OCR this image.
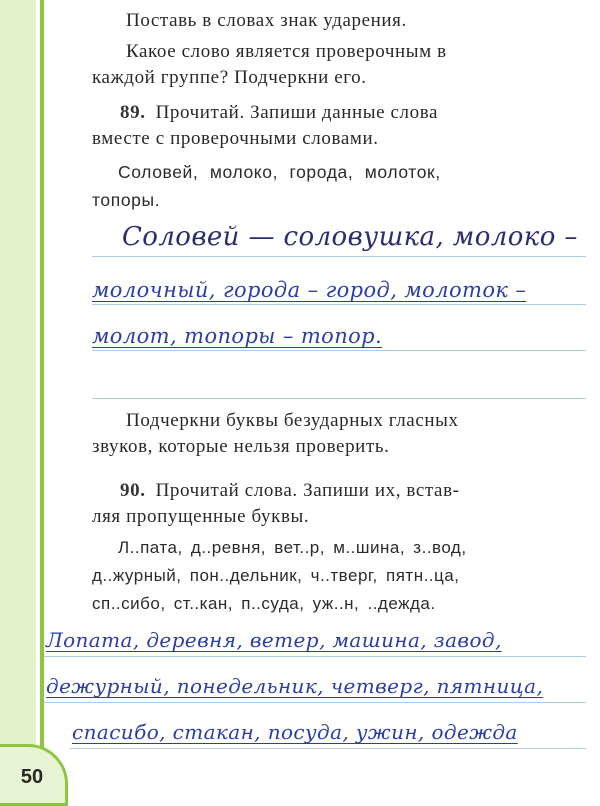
Поставь в словах знак ударения.
Какое слово является проверочным в
каждой группе? Подчеркни его.
89. Прочитай. Запиши данные слова
вместе с проверочными словами.
Соловей, молоко, города, молоток,
топоры.
Соловей — соловушка, молоко –
молочный, города – город, молоток –
молот, топоры – топор.
Подчеркни буквы безударных гласных
звуков, которые нельзя проверить.
90. Прочитай слова. Запиши их, встав-
ляя пропущенные буквы.
Л..пата, д..ревня, вет..р, м..шина, з..вод,
д..журный, пон..дельник, ч..тверг, пятн..ца,
сп..сибо, ст..кан, п..суда, уж..н, ..дежда.
Лопата, деревня, ветер, машина, завод,
дежурный, понедельник, четверг, пятница,
спасибо, стакан, посуда, ужин, одежда
50
